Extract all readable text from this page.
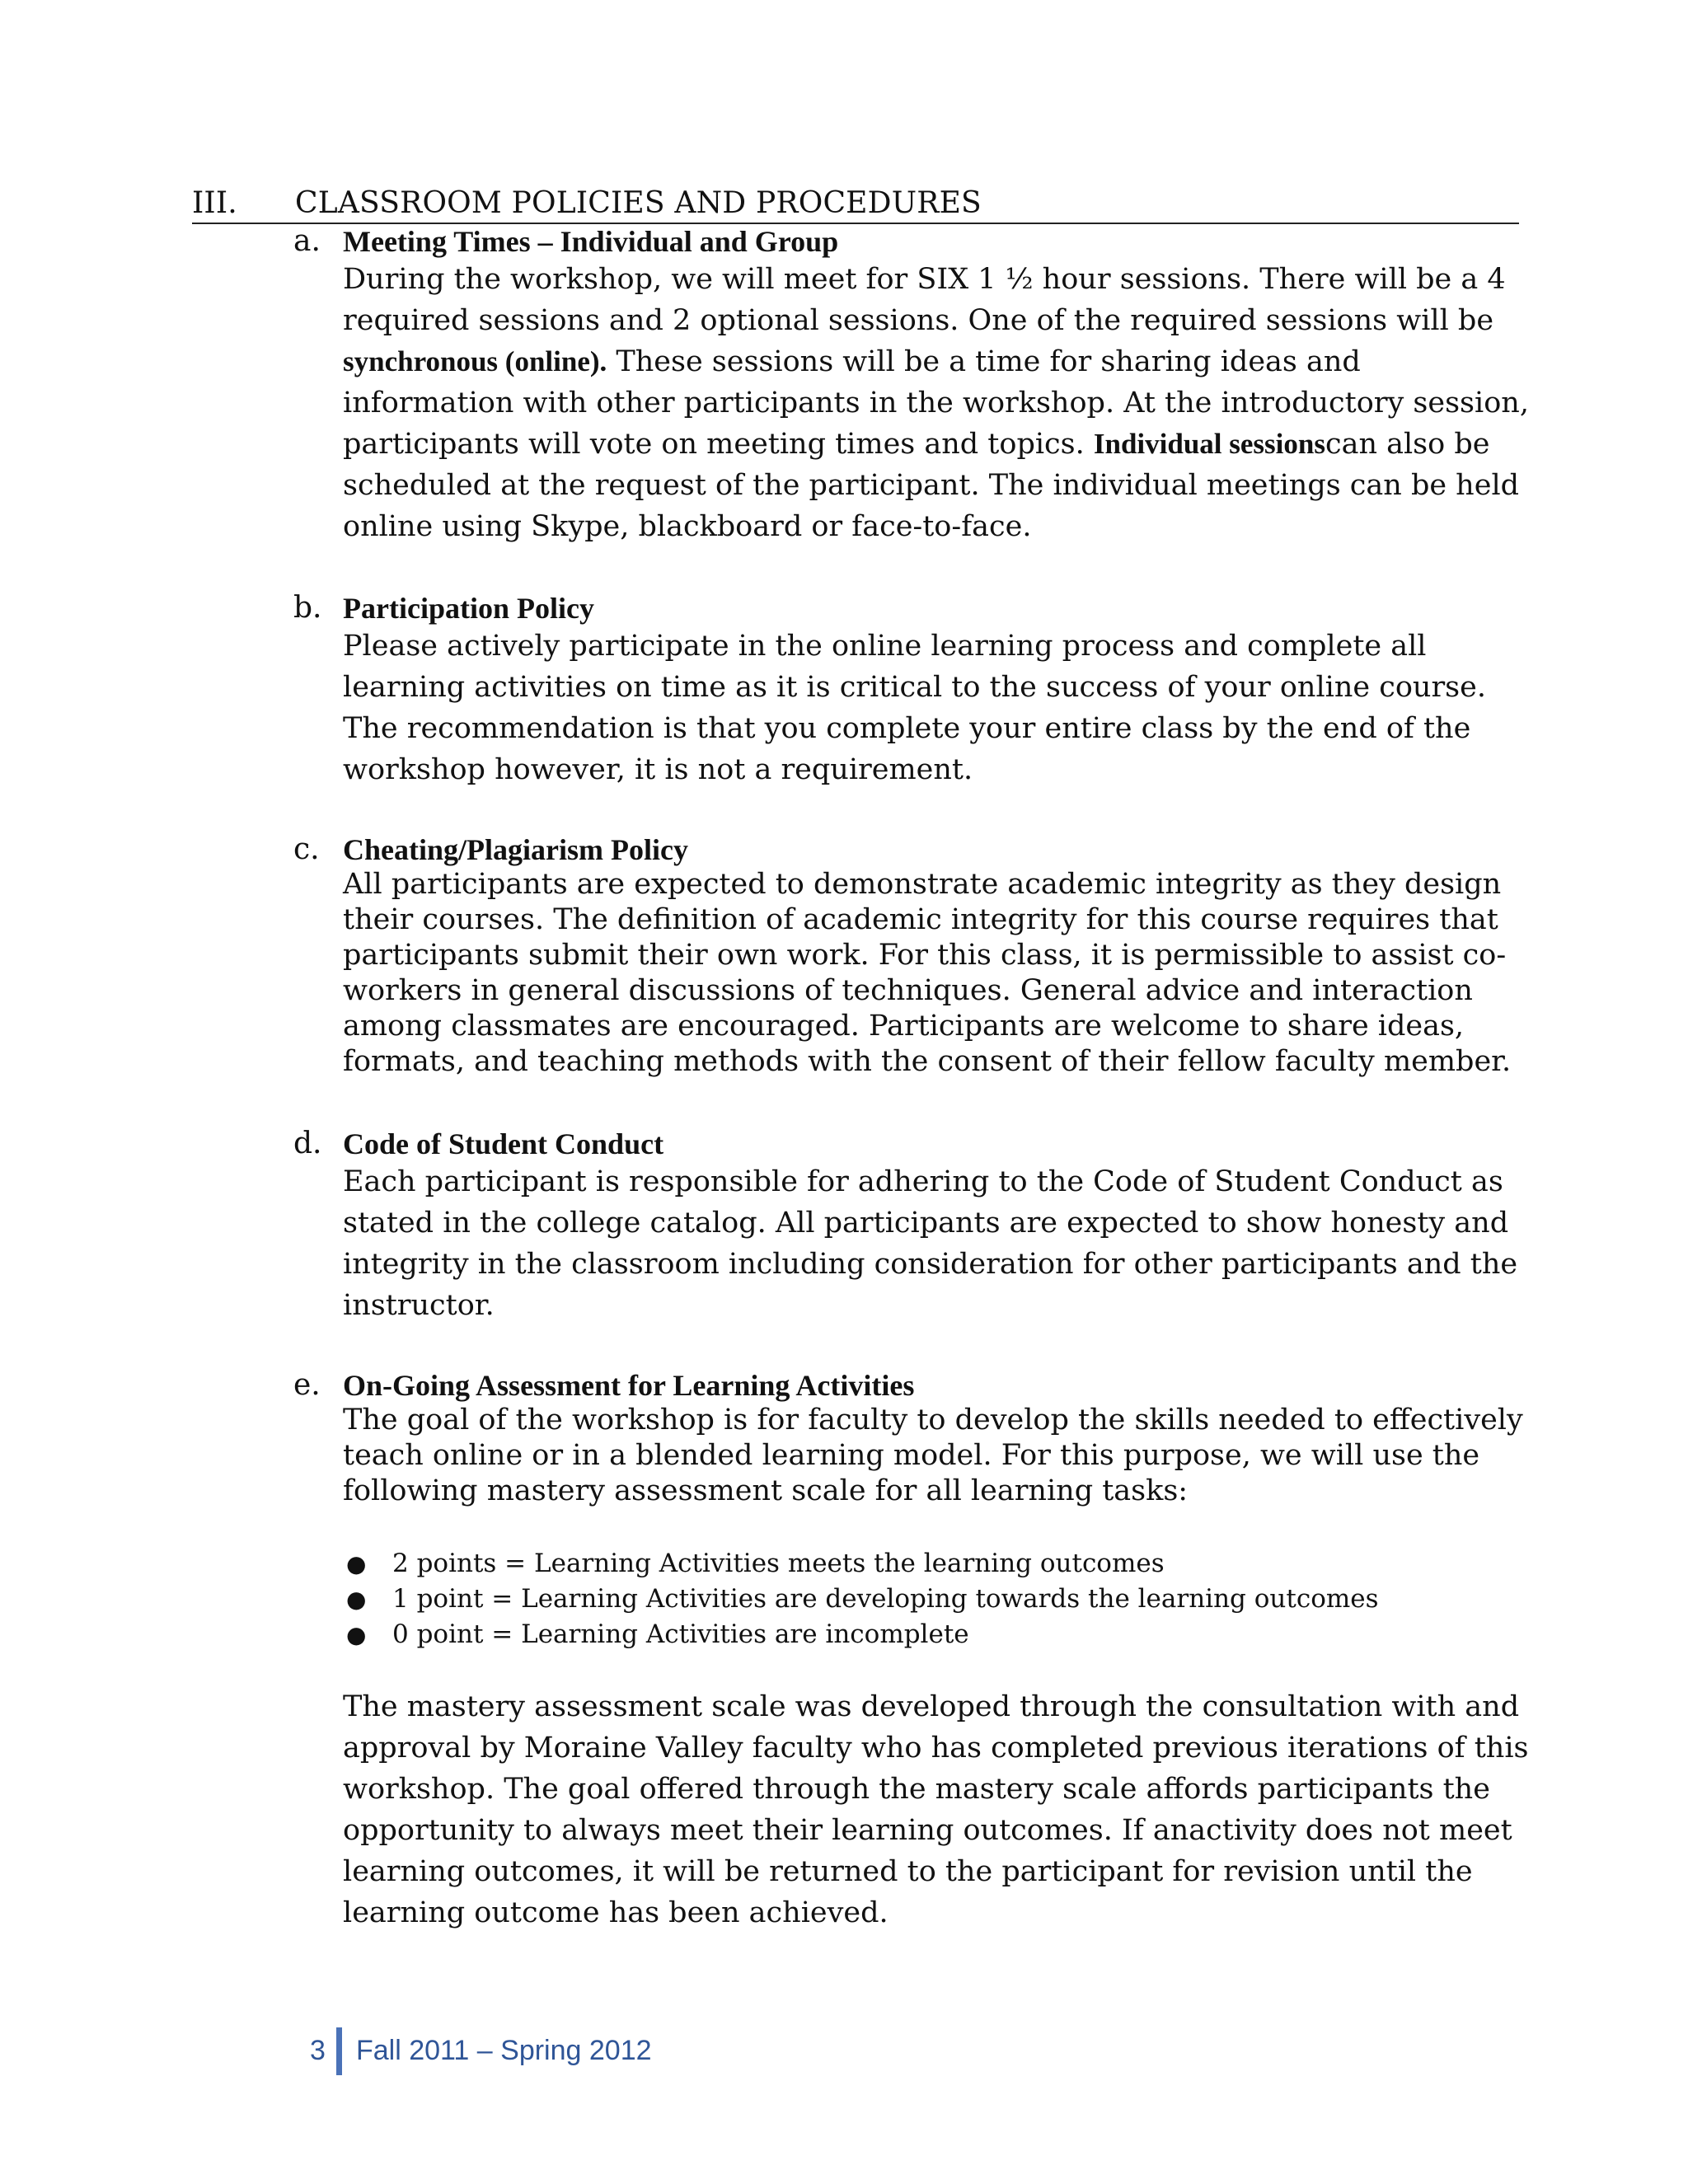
III. CLASSROOM POLICIES AND PROCEDURES
a. Meeting Times – Individual and Group

During the workshop, we will meet for SIX 1 ½ hour sessions. There will be a 4 required sessions and 2 optional sessions. One of the required sessions will be synchronous (online). These sessions will be a time for sharing ideas and information with other participants in the workshop. At the introductory session, participants will vote on meeting times and topics. Individual sessionscan also be scheduled at the request of the participant. The individual meetings can be held online using Skype, blackboard or face-to-face.

b. Participation Policy
Please actively participate in the online learning process and complete all learning activities on time as it is critical to the success of your online course. The recommendation is that you complete your entire class by the end of the workshop however, it is not a requirement.
c. Cheating/Plagiarism Policy
All participants are expected to demonstrate academic integrity as they design their courses. The definition of academic integrity for this course requires that participants submit their own work. For this class, it is permissible to assist co-workers in general discussions of techniques. General advice and interaction among classmates are encouraged. Participants are welcome to share ideas, formats, and teaching methods with the consent of their fellow faculty member.
d. Code of Student Conduct
Each participant is responsible for adhering to the Code of Student Conduct as stated in the college catalog. All participants are expected to show honesty and integrity in the classroom including consideration for other participants and the instructor.
e. On-Going Assessment for Learning Activities
The goal of the workshop is for faculty to develop the skills needed to effectively teach online or in a blended learning model. For this purpose, we will use the following mastery assessment scale for all learning tasks:
● 2 points = Learning Activities meets the learning outcomes
● 1 point = Learning Activities are developing towards the learning outcomes
● 0 point = Learning Activities are incomplete
The mastery assessment scale was developed through the consultation with and approval by Moraine Valley faculty who has completed previous iterations of this workshop. The goal offered through the mastery scale affords participants the opportunity to always meet their learning outcomes. If anactivity does not meet learning outcomes, it will be returned to the participant for revision until the learning outcome has been achieved.
3 Fall 2011 – Spring 2012
